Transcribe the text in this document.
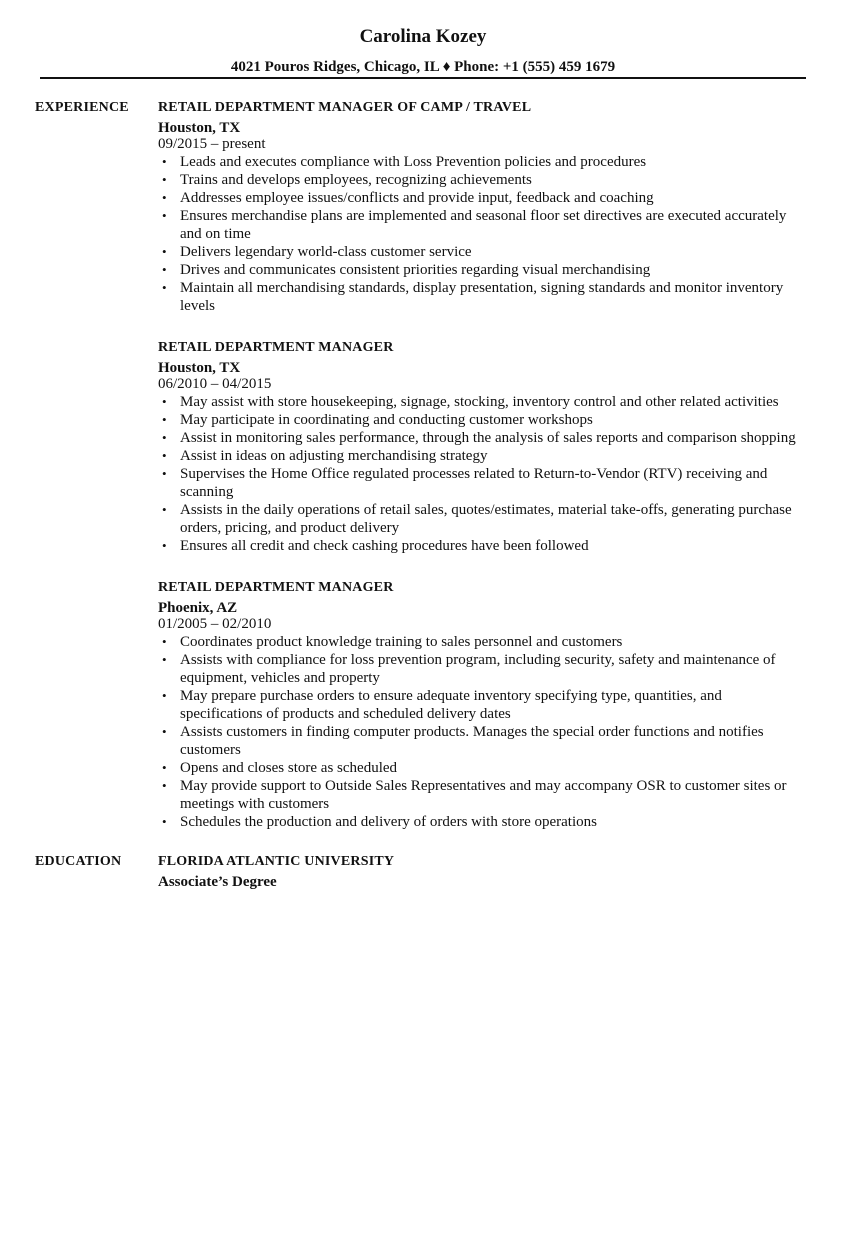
Carolina Kozey
4021 Pouros Ridges, Chicago, IL ♦ Phone: +1 (555) 459 1679
EXPERIENCE RETAIL DEPARTMENT MANAGER OF CAMP / TRAVEL
Houston, TX
09/2015 – present
• Leads and executes compliance with Loss Prevention policies and procedures
• Trains and develops employees, recognizing achievements
• Addresses employee issues/conflicts and provide input, feedback and coaching
• Ensures merchandise plans are implemented and seasonal floor set directives are executed accurately and on time
• Delivers legendary world-class customer service
• Drives and communicates consistent priorities regarding visual merchandising
• Maintain all merchandising standards, display presentation, signing standards and monitor inventory levels
RETAIL DEPARTMENT MANAGER
Houston, TX
06/2010 – 04/2015
• May assist with store housekeeping, signage, stocking, inventory control and other related activities
• May participate in coordinating and conducting customer workshops
• Assist in monitoring sales performance, through the analysis of sales reports and comparison shopping
• Assist in ideas on adjusting merchandising strategy
• Supervises the Home Office regulated processes related to Return-to-Vendor (RTV) receiving and scanning
• Assists in the daily operations of retail sales, quotes/estimates, material take-offs, generating purchase orders, pricing, and product delivery
• Ensures all credit and check cashing procedures have been followed
RETAIL DEPARTMENT MANAGER
Phoenix, AZ
01/2005 – 02/2010
• Coordinates product knowledge training to sales personnel and customers
• Assists with compliance for loss prevention program, including security, safety and maintenance of equipment, vehicles and property
• May prepare purchase orders to ensure adequate inventory specifying type, quantities, and specifications of products and scheduled delivery dates
• Assists customers in finding computer products. Manages the special order functions and notifies customers
• Opens and closes store as scheduled
• May provide support to Outside Sales Representatives and may accompany OSR to customer sites or meetings with customers
• Schedules the production and delivery of orders with store operations
EDUCATION	FLORIDA ATLANTIC UNIVERSITY
Associate’s Degree
